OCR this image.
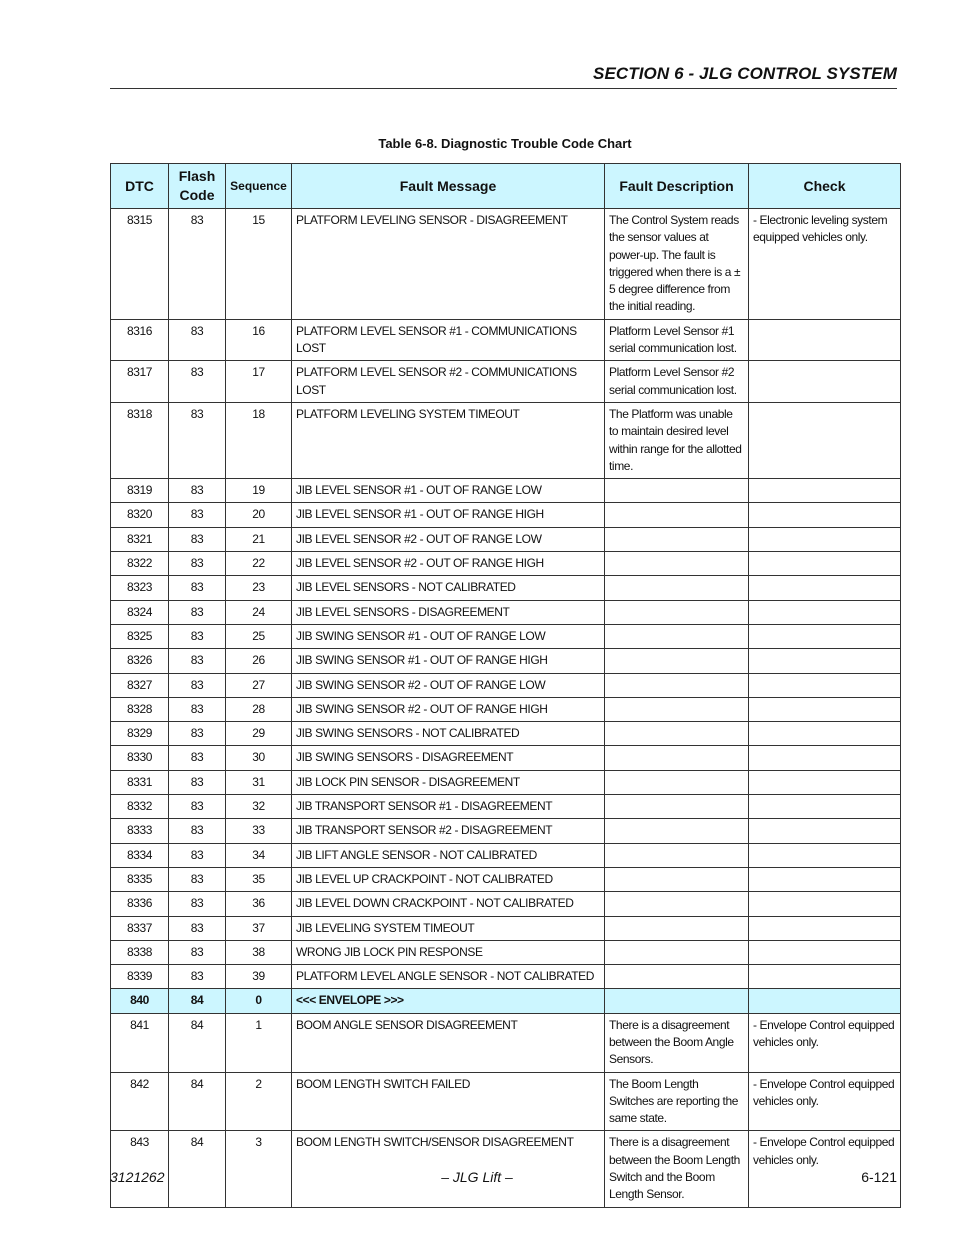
SECTION 6 - JLG CONTROL SYSTEM
Table 6-8. Diagnostic Trouble Code Chart
DTC	Flash Code	Sequence	Fault Message	Fault Description	Check
8315	83	15	PLATFORM LEVELING SENSOR - DISAGREEMENT	The Control System reads the sensor values at power-up. The fault is triggered when there is a ± 5 degree difference from the initial reading.	- Electronic leveling system equipped vehicles only.
8316	83	16	PLATFORM LEVEL SENSOR #1 - COMMUNICATIONS LOST	Platform Level Sensor #1 serial communication lost.	
8317	83	17	PLATFORM LEVEL SENSOR #2 - COMMUNICATIONS LOST	Platform Level Sensor #2 serial communication lost.	
8318	83	18	PLATFORM LEVELING SYSTEM TIMEOUT	The Platform was unable to maintain desired level within range for the allotted time.	
8319	83	19	JIB LEVEL SENSOR #1 - OUT OF RANGE LOW		
8320	83	20	JIB LEVEL SENSOR #1 - OUT OF RANGE HIGH		
8321	83	21	JIB LEVEL SENSOR #2 - OUT OF RANGE LOW		
8322	83	22	JIB LEVEL SENSOR #2 - OUT OF RANGE HIGH		
8323	83	23	JIB LEVEL SENSORS - NOT CALIBRATED		
8324	83	24	JIB LEVEL SENSORS - DISAGREEMENT		
8325	83	25	JIB SWING SENSOR #1 - OUT OF RANGE LOW		
8326	83	26	JIB SWING SENSOR #1 - OUT OF RANGE HIGH		
8327	83	27	JIB SWING SENSOR #2 - OUT OF RANGE LOW		
8328	83	28	JIB SWING SENSOR #2 - OUT OF RANGE HIGH		
8329	83	29	JIB SWING SENSORS - NOT CALIBRATED		
8330	83	30	JIB SWING SENSORS - DISAGREEMENT		
8331	83	31	JIB LOCK PIN SENSOR - DISAGREEMENT		
8332	83	32	JIB TRANSPORT SENSOR #1 - DISAGREEMENT		
8333	83	33	JIB TRANSPORT SENSOR #2 - DISAGREEMENT		
8334	83	34	JIB LIFT ANGLE SENSOR - NOT CALIBRATED		
8335	83	35	JIB LEVEL UP CRACKPOINT - NOT CALIBRATED		
8336	83	36	JIB LEVEL DOWN CRACKPOINT - NOT CALIBRATED		
8337	83	37	JIB LEVELING SYSTEM TIMEOUT		
8338	83	38	WRONG JIB LOCK PIN RESPONSE		
8339	83	39	PLATFORM LEVEL ANGLE SENSOR - NOT CALIBRATED		
840	84	0	<<< ENVELOPE >>>		
841	84	1	BOOM ANGLE SENSOR DISAGREEMENT	There is a disagreement between the Boom Angle Sensors.	- Envelope Control equipped vehicles only.
842	84	2	BOOM LENGTH SWITCH FAILED	The Boom Length Switches are reporting the same state.	- Envelope Control equipped vehicles only.
843	84	3	BOOM LENGTH SWITCH/SENSOR DISAGREEMENT	There is a disagreement between the Boom Length Switch and the Boom Length Sensor.	- Envelope Control equipped vehicles only.
3121262	– JLG Lift –	6-121
